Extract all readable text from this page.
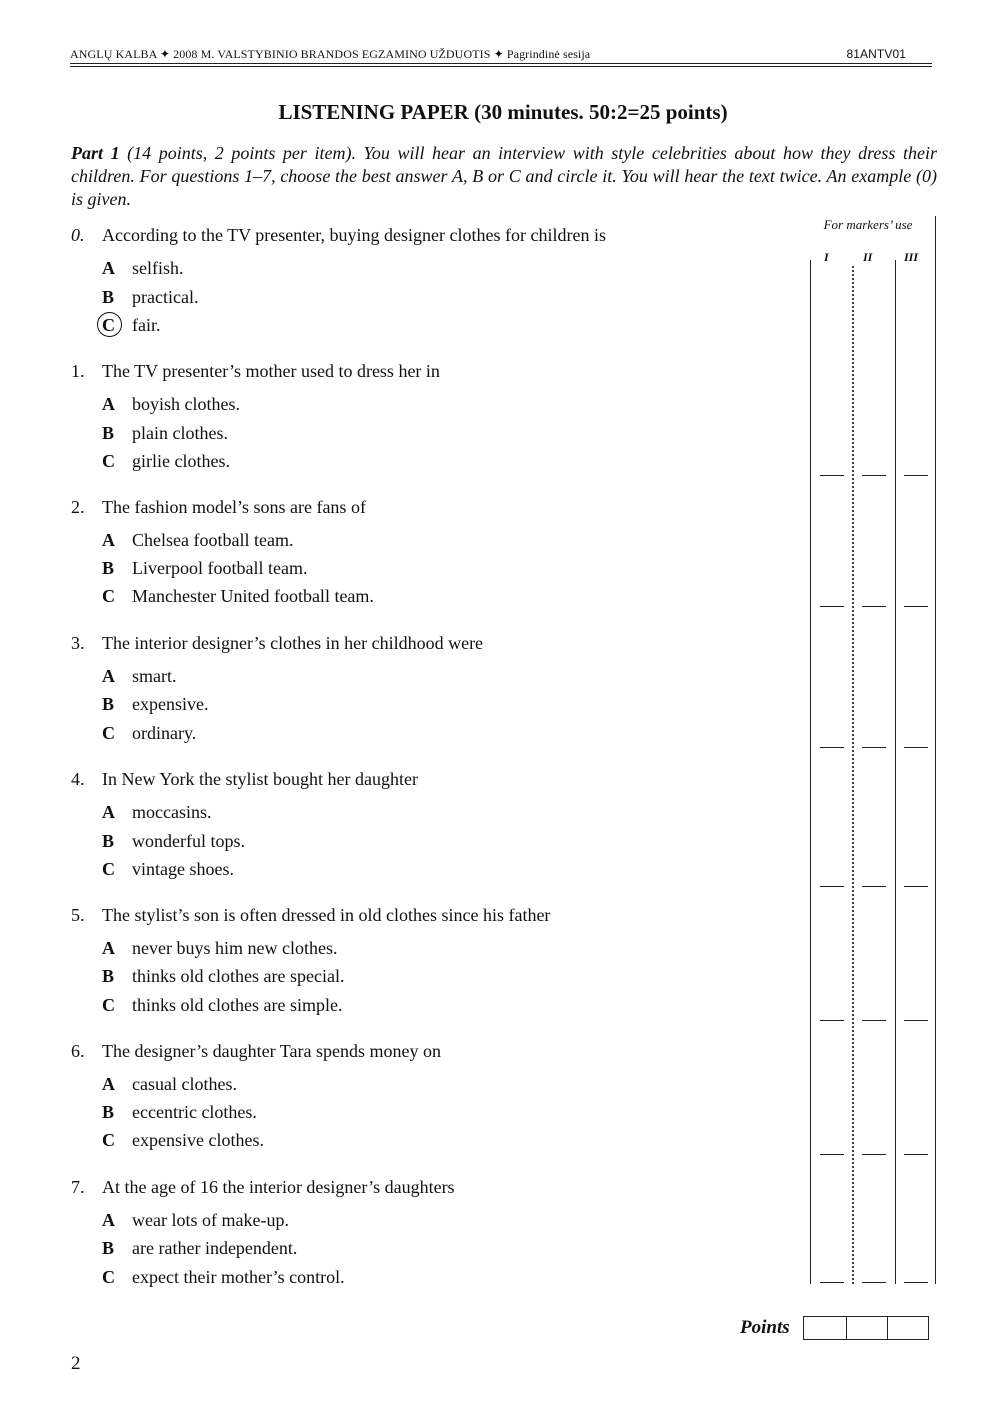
ANGLŲ KALBA ✦ 2008 M. VALSTYBINIO BRANDOS EGZAMINO UŽDUOTIS ✦ Pagrindinė sesija	81ANTV01
LISTENING PAPER (30 minutes. 50:2=25 points)
Part 1 (14 points, 2 points per item). You will hear an interview with style celebrities about how they dress their children. For questions 1–7, choose the best answer A, B or C and circle it. You will hear the text twice. An example (0) is given.
0. According to the TV presenter, buying designer clothes for children is
A selfish.
B practical.
C fair.
1. The TV presenter’s mother used to dress her in
A boyish clothes.
B plain clothes.
C girlie clothes.
2. The fashion model’s sons are fans of
A Chelsea football team.
B Liverpool football team.
C Manchester United football team.
3. The interior designer’s clothes in her childhood were
A smart.
B expensive.
C ordinary.
4. In New York the stylist bought her daughter
A moccasins.
B wonderful tops.
C vintage shoes.
5. The stylist’s son is often dressed in old clothes since his father
A never buys him new clothes.
B thinks old clothes are special.
C thinks old clothes are simple.
6. The designer’s daughter Tara spends money on
A casual clothes.
B eccentric clothes.
C expensive clothes.
7. At the age of 16 the interior designer’s daughters
A wear lots of make-up.
B are rather independent.
C expect their mother’s control.
For markers’ use
I	II	III
Points
2
